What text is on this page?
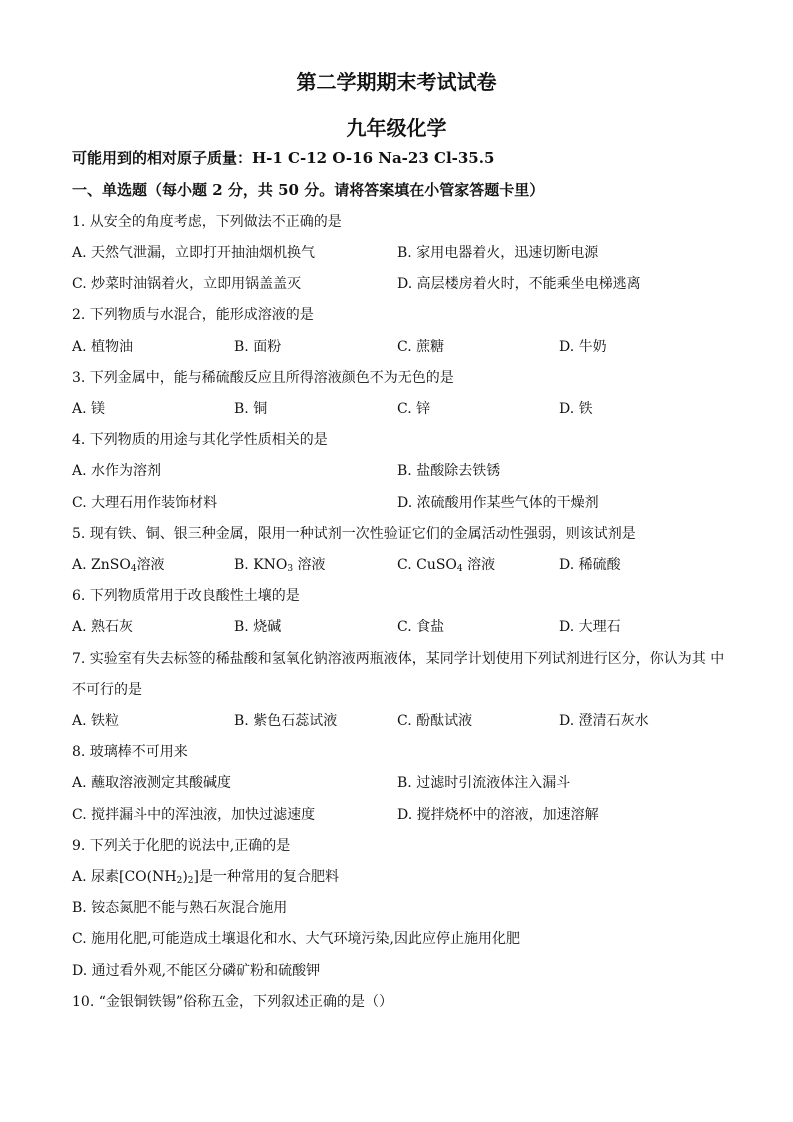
第二学期期末考试试卷
九年级化学
可能用到的相对原子质量：H-1 C-12 O-16 Na-23 Cl-35.5
一、单选题（每小题 2 分，共 50 分。请将答案填在小管家答题卡里）
1. 从安全的角度考虑，下列做法不正确的是
A. 天然气泄漏，立即打开抽油烟机换气	B. 家用电器着火，迅速切断电源
C. 炒菜时油锅着火，立即用锅盖盖灭	D. 高层楼房着火时，不能乘坐电梯逃离
2. 下列物质与水混合，能形成溶液的是
A. 植物油	B. 面粉	C. 蔗糖	D. 牛奶
3. 下列金属中，能与稀硫酸反应且所得溶液颜色不为无色的是
A. 镁	B. 铜	C. 锌	D. 铁
4. 下列物质的用途与其化学性质相关的是
A. 水作为溶剂	B. 盐酸除去铁锈
C. 大理石用作装饰材料	D. 浓硫酸用作某些气体的干燥剂
5. 现有铁、铜、银三种金属，限用一种试剂一次性验证它们的金属活动性强弱，则该试剂是
A. ZnSO$_4$溶液	B. $KNO_3$ 溶液	C. CuSO$_4$ 溶液	D. 稀硫酸
6. 下列物质常用于改良酸性土壤的是
A. 熟石灰	B. 烧碱	C. 食盐	D. 大理石
7. 实验室有失去标签的稀盐酸和氢氧化钠溶液两瓶液体，某同学计划使用下列试剂进行区分，你认为其 中
不可行的是
A. 铁粒	B. 紫色石蕊试液	C. 酚酞试液	D. 澄清石灰水
8. 玻璃棒不可用来
A. 蘸取溶液测定其酸碱度	B. 过滤时引流液体注入漏斗
C. 搅拌漏斗中的浑浊液，加快过滤速度	D. 搅拌烧杯中的溶液，加速溶解
9. 下列关于化肥的说法中,正确的是
A. 尿素$[CO(NH_2)_2]$是一种常用的复合肥料
B. 铵态氮肥不能与熟石灰混合施用
C. 施用化肥,可能造成土壤退化和水、大气环境污染,因此应停止施用化肥
D. 通过看外观,不能区分磷矿粉和硫酸钾
10. “金银铜铁锡”俗称五金，下列叙述正确的是（）
